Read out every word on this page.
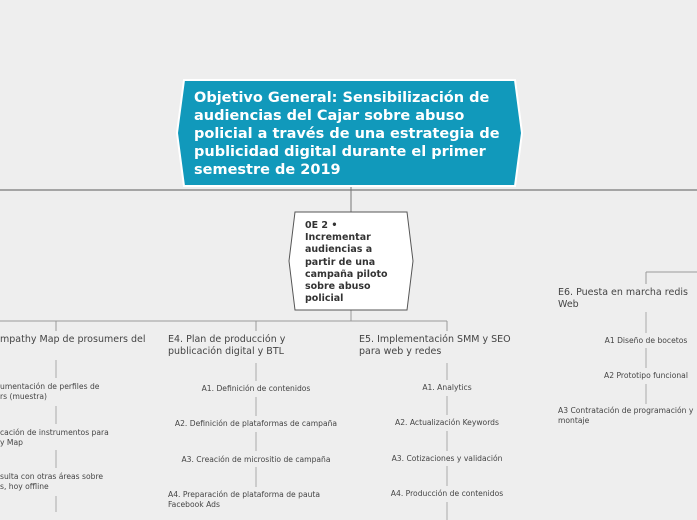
Objetivo General: Sensibilización de audiencias del Cajar sobre abuso policial a través de una estrategia de publicidad digital durante el primer semestre de 2019
0E 2 • Incrementar audiencias a partir de una campaña piloto sobre abuso policial
mpathy Map de prosumers del
umentación de perfiles de
rs (muestra)
cación de instrumentos para
y Map
sulta con otras áreas sobre
s, hoy offline
E4. Plan de producción y publicación digital y BTL
A1. Definición de contenidos
A2. Definición de plataformas de campaña
A3. Creación de micrositio de campaña
A4. Preparación de plataforma de pauta Facebook Ads
E5. Implementación SMM y SEO para web y redes
A1. Analytics
A2. Actualización Keywords
A3. Cotizaciones y validación
A4. Producción de contenidos
E6. Puesta en marcha redis Web
A1 Diseño de bocetos
A2 Prototipo funcional
A3 Contratación de programación y montaje
